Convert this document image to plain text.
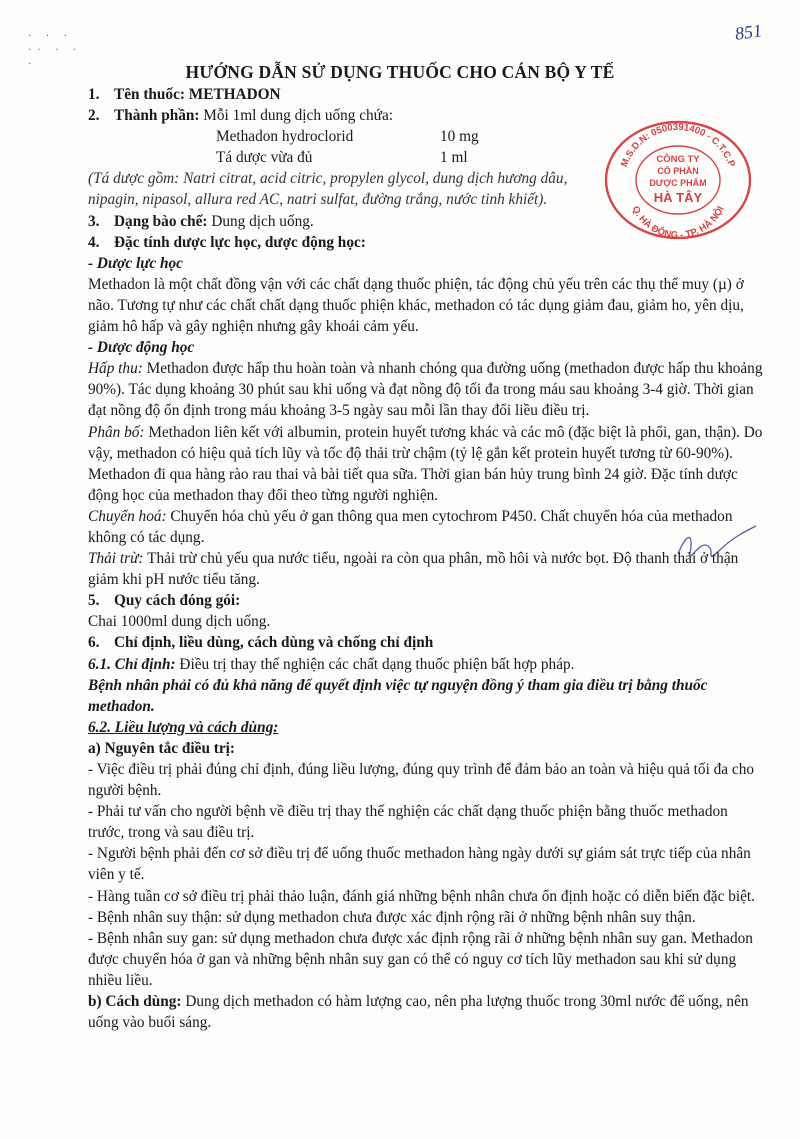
· · ·
·· · ·
·
851
HƯỚNG DẪN SỬ DỤNG THUỐC CHO CÁN BỘ Y TẾ
1. Tên thuốc: METHADON
2. Thành phần: Mỗi 1ml dung dịch uống chứa:
Methadon hydroclorid	10 mg
Tá dược vừa đủ	1 ml
(Tá dược gồm: Natri citrat, acid citric, propylen glycol, dung dịch hương dâu, nipagin, nipasol, allura red AC, natri sulfat, đường trắng, nước tinh khiết).
3. Dạng bào chế: Dung dịch uống.
4. Đặc tính dược lực học, dược động học:
- Dược lực học
Methadon là một chất đồng vận với các chất dạng thuốc phiện, tác động chủ yếu trên các thụ thể muy (µ) ở não. Tương tự như các chất chất dạng thuốc phiện khác, methadon có tác dụng giảm đau, giảm ho, yên dịu, giảm hô hấp và gây nghiện nhưng gây khoái cảm yếu.
- Dược động học
Hấp thu: Methadon được hấp thu hoàn toàn và nhanh chóng qua đường uống (methadon được hấp thu khoảng 90%). Tác dụng khoảng 30 phút sau khi uống và đạt nồng độ tối đa trong máu sau khoảng 3-4 giờ. Thời gian đạt nồng độ ổn định trong máu khoảng 3-5 ngày sau mỗi lần thay đổi liều điều trị.
Phân bố: Methadon liên kết với albumin, protein huyết tương khác và các mô (đặc biệt là phổi, gan, thận). Do vậy, methadon có hiệu quả tích lũy và tốc độ thải trừ chậm (tỷ lệ gắn kết protein huyết tương từ 60-90%). Methadon đi qua hàng rào rau thai và bài tiết qua sữa. Thời gian bán hủy trung bình 24 giờ. Đặc tính dược động học của methadon thay đổi theo từng người nghiện.
Chuyển hoá: Chuyển hóa chủ yếu ở gan thông qua men cytochrom P450. Chất chuyển hóa của methadon không có tác dụng.
Thải trừ: Thải trừ chủ yếu qua nước tiểu, ngoài ra còn qua phân, mồ hôi và nước bọt. Độ thanh thải ở thận giảm khi pH nước tiểu tăng.
5. Quy cách đóng gói:
Chai 1000ml dung dịch uống.
6. Chỉ định, liều dùng, cách dùng và chống chỉ định
6.1. Chỉ định: Điều trị thay thế nghiện các chất dạng thuốc phiện bất hợp pháp.
Bệnh nhân phải có đủ khả năng để quyết định việc tự nguyện đồng ý tham gia điều trị bằng thuốc methadon.
6.2. Liều lượng và cách dùng:
a) Nguyên tắc điều trị:
- Việc điều trị phải đúng chỉ định, đúng liều lượng, đúng quy trình để đảm bảo an toàn và hiệu quả tối đa cho người bệnh.
- Phải tư vấn cho người bệnh về điều trị thay thế nghiện các chất dạng thuốc phiện bằng thuốc methadon trước, trong và sau điều trị.
- Người bệnh phải đến cơ sở điều trị để uống thuốc methadon hàng ngày dưới sự giám sát trực tiếp của nhân viên y tế.
- Hàng tuần cơ sở điều trị phải thảo luận, đánh giá những bệnh nhân chưa ổn định hoặc có diễn biến đặc biệt.
- Bệnh nhân suy thận: sử dụng methadon chưa được xác định rộng rãi ở những bệnh nhân suy thận.
- Bệnh nhân suy gan: sử dụng methadon chưa được xác định rộng rãi ở những bệnh nhân suy gan. Methadon được chuyển hóa ở gan và những bệnh nhân suy gan có thể có nguy cơ tích lũy methadon sau khi sử dụng nhiều liều.
b) Cách dùng: Dung dịch methadon có hàm lượng cao, nên pha lượng thuốc trong 30ml nước để uống, nên uống vào buổi sáng.
M.S.D.N: 0500391400 - C.T.C.P
Q. HÀ ĐÔNG - TP. HÀ NỘI
CÔNG TY
CỔ PHẦN
DƯỢC PHẨM
HÀ TÂY
